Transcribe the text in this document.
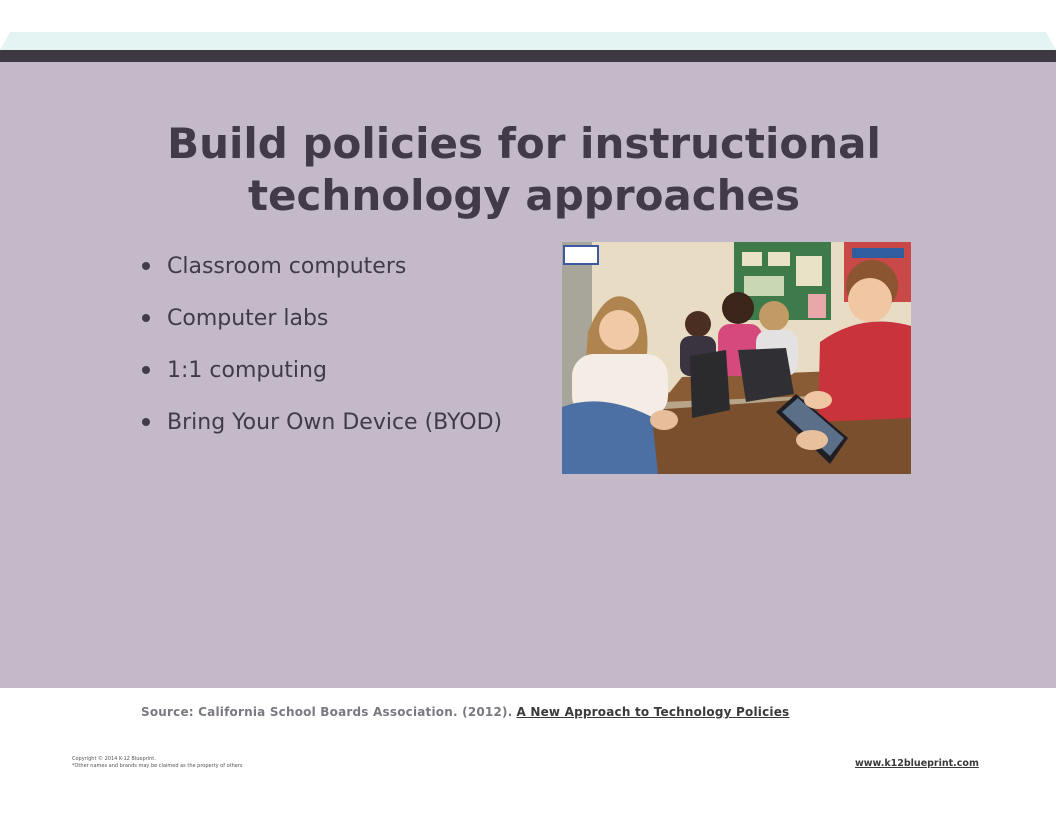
Build policies for instructional
technology approaches
Classroom computers
Computer labs
1:1 computing
Bring Your Own Device (BYOD)
Source: California School Boards Association. (2012). A New Approach to Technology Policies
Copyright © 2014 K-12 Blueprint.
*Other names and brands may be claimed as the property of others	www.k12blueprint.com
